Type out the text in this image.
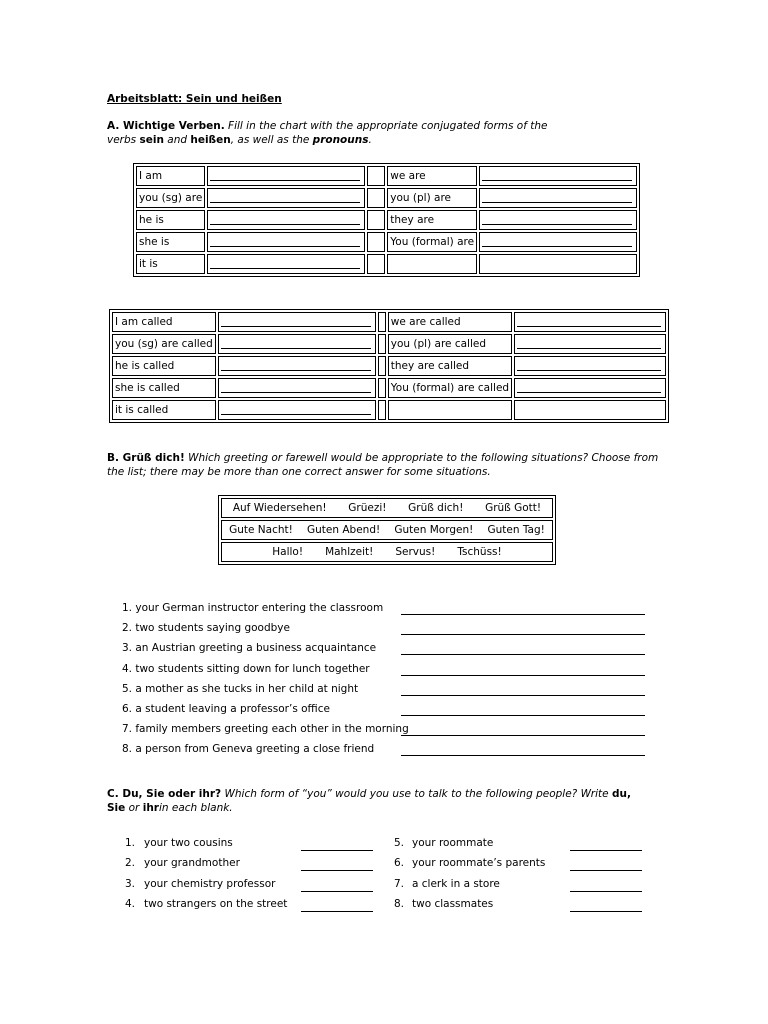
Arbeitsblatt: Sein und heißen
A. Wichtige Verben. Fill in the chart with the appropriate conjugated forms of the
verbs sein and heißen, as well as the pronouns.
I am			we are	
you (sg) are			you (pl) are	
he is			they are	
she is			You (formal) are	
it is				
I am called			we are called	
you (sg) are called			you (pl) are called	
he is called			they are called	
she is called			You (formal) are called	
it is called				
B. Grüß dich! Which greeting or farewell would be appropriate to the following situations? Choose from
the list; there may be more than one correct answer for some situations.
Auf Wiedersehen! Grüezi! Grüß dich! Grüß Gott!
Gute Nacht! Guten Abend! Guten Morgen! Guten Tag!
Hallo! Mahlzeit! Servus! Tschüss!
1. your German instructor entering the classroom
2. two students saying goodbye
3. an Austrian greeting a business acquaintance
4. two students sitting down for lunch together
5. a mother as she tucks in her child at night
6. a student leaving a professor’s office
7. family members greeting each other in the morning
8. a person from Geneva greeting a close friend
C. Du, Sie oder ihr? Which form of “you” would you use to talk to the following people? Write du,
Sie or ihrin each blank.
1. your two cousins
2. your grandmother
3. your chemistry professor
4. two strangers on the street
5. your roommate
6. your roommate’s parents
7. a clerk in a store
8. two classmates
